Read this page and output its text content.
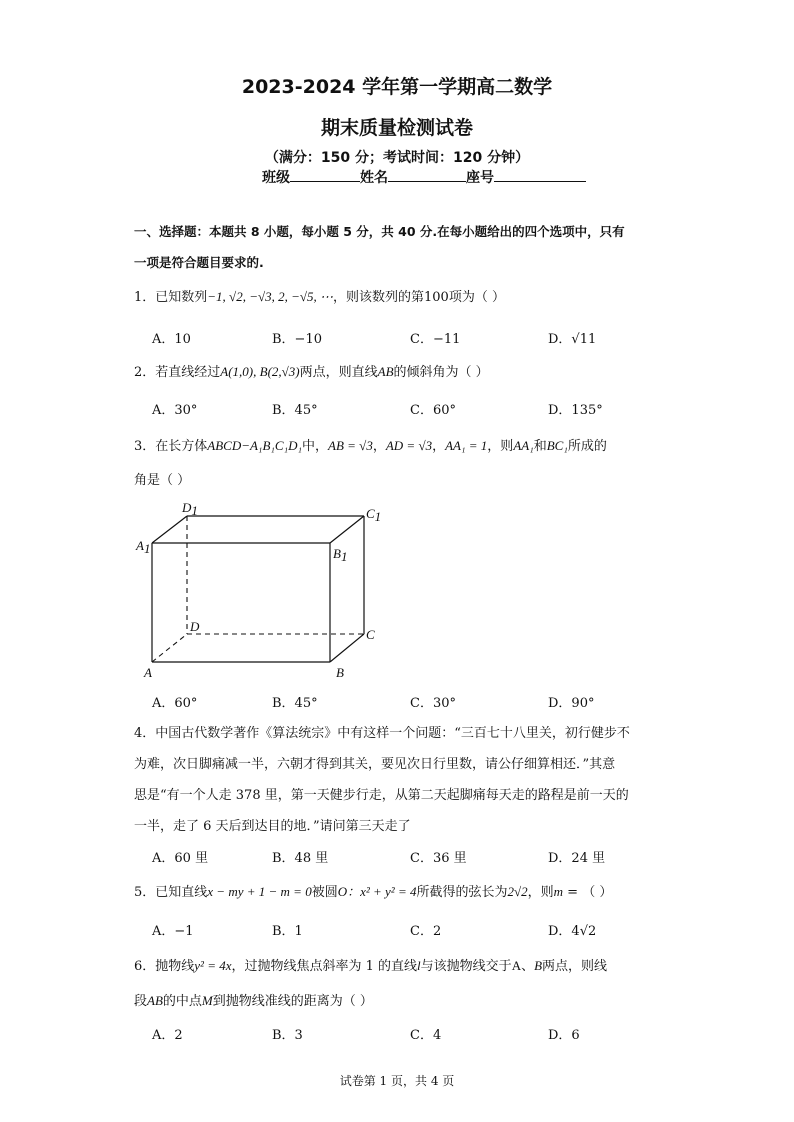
2023-2024 学年第一学期高二数学
期末质量检测试卷
（满分：150 分；考试时间：120 分钟）
班级	姓名	座号
一、选择题：本题共 8 小题，每小题 5 分，共 40 分.在每小题给出的四个选项中，只有
一项是符合题目要求的.
1．已知数列−1, √2, −√3, 2, −√5, ⋯，则该数列的第100项为（ ）
A．10	B．−10	C．−11	D．√11
2．若直线经过A(1,0), B(2,√3)两点，则直线AB的倾斜角为（ ）
A．30°	B．45°	C．60°	D．135°
3．在长方体ABCD−A₁B₁C₁D₁中，AB = √3，AD = √3，AA₁ = 1，则AA₁和BC₁所成的
角是（ ）
D1	C1
A1	B1
D
C
A	B
A．60°	B．45°	C．30°	D．90°
4．中国古代数学著作《算法统宗》中有这样一个问题：“三百七十八里关，初行健步不
为难，次日脚痛减一半，六朝才得到其关，要见次日行里数，请公仔细算相还．”其意
思是“有一个人走 378 里，第一天健步行走，从第二天起脚痛每天走的路程是前一天的
一半，走了 6 天后到达目的地．”请问第三天走了
A．60 里	B．48 里	C．36 里	D．24 里
5．已知直线x − my + 1 − m = 0被圆O：x² + y² = 4所截得的弦长为2√2，则m = （ ）
A．−1	B．1	C．2	D．4√2
6．抛物线y² = 4x，过抛物线焦点斜率为 1 的直线l与该抛物线交于A、B两点，则线
段AB的中点M到抛物线准线的距离为（ ）
A．2	B．3	C．4	D．6
试卷第 1 页，共 4 页
